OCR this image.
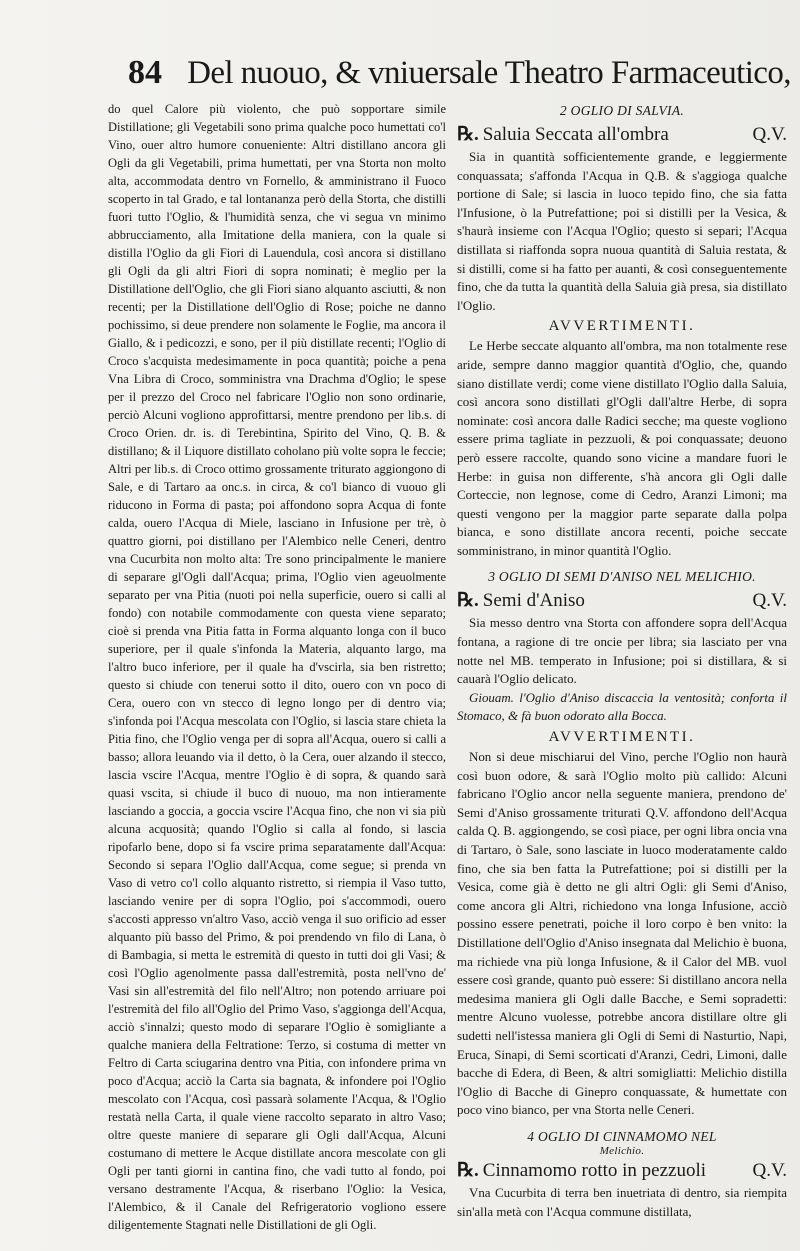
84 Del nuouo, & vniuersale Theatro Farmaceutico,

do quel Calore più violento, che può sopportare simile Distillatione; gli Vegetabili sono prima qualche poco humettati co'l Vino, ouer altro humore conueniente: Altri distillano ancora gli Ogli da gli Vegetabili, prima humettati, per vna Storta non molto alta, accommodata dentro vn Fornello, & amministrano il Fuoco scoperto in tal Grado, e tal lontananza però della Storta, che distilli fuori tutto l'Oglio, & l'humidità senza, che vi segua vn minimo abbrucciamento, alla Imitatione della maniera, con la quale si distilla l'Oglio da gli Fiori di Lauendula, così ancora si distillano gli Ogli da gli altri Fiori di sopra nominati; è meglio per la Distillatione dell'Oglio, che gli Fiori siano alquanto asciutti, & non recenti; per la Distillatione dell'Oglio di Rose; poiche ne danno pochissimo, si deue prendere non solamente le Foglie, ma ancora il Giallo, & i pedicozzi, e sono, per il più distillate recenti; l'Oglio di Croco s'acquista medesimamente in poca quantità; poiche a pena Vna Libra di Croco, somministra vna Drachma d'Oglio; le spese per il prezzo del Croco nel fabricare l'Oglio non sono ordinarie, perciò Alcuni vogliono approfittarsi, mentre prendono per lib.s. di Croco Orien. dr. is. di Terebintina, Spirito del Vino, Q. B. & distillano; & il Liquore distillato coholano più volte sopra le feccie; Altri per lib.s. di Croco ottimo grossamente triturato aggiongono di Sale, e di Tartaro aa onc.s. in circa, & co'l bianco di vuouo gli riducono in Forma di pasta; poi affondono sopra Acqua di fonte calda, ouero l'Acqua di Miele, lasciano in Infusione per trè, ò quattro giorni, poi distillano per l'Alembico nelle Ceneri, dentro vna Cucurbita non molto alta: Tre sono principalmente le maniere di separare gl'Ogli dall'Acqua; prima, l'Oglio vien ageuolmente separato per vna Pitia (nuoti poi nella superficie, ouero si calli al fondo) con notabile commodamente con questa viene separato; cioè si prenda vna Pitia fatta in Forma alquanto longa con il buco superiore, per il quale s'infonda la Materia, alquanto largo, ma l'altro buco inferiore, per il quale ha d'vscirla, sia ben ristretto; questo si chiude con tenerui sotto il dito, ouero con vn poco di Cera, ouero con vn stecco di legno longo per di dentro via; s'infonda poi l'Acqua mescolata con l'Oglio, si lascia stare chieta la Pitia fino, che l'Oglio venga per di sopra all'Acqua, ouero si calli a basso; allora leuando via il detto, ò la Cera, ouer alzando il stecco, lascia vscire l'Acqua, mentre l'Oglio è di sopra, & quando sarà quasi vscita, si chiude il buco di nuouo, ma non intieramente lasciando a goccia, a goccia vscire l'Acqua fino, che non vi sia più alcuna acquosità; quando l'Oglio si calla al fondo, si lascia ripofarlo bene, dopo si fa vscire prima separatamente dall'Acqua: Secondo si separa l'Oglio dall'Acqua, come segue; si prenda vn Vaso di vetro co'l collo alquanto ristretto, si riempia il Vaso tutto, lasciando venire per di sopra l'Oglio, poi s'accommodi, ouero s'accosti appresso vn'altro Vaso, acciò venga il suo orificio ad esser alquanto più basso del Primo, & poi prendendo vn filo di Lana, ò di Bambagia, si metta le estremità di questo in tutti doi gli Vasi; & così l'Oglio agenolmente passa dall'estremità, posta nell'vno de' Vasi sin all'estremità del filo nell'Altro; non potendo arriuare poi l'estremità del filo all'Oglio del Primo Vaso, s'aggionga dell'Acqua, acciò s'innalzi; questo modo di separare l'Oglio è somigliante a qualche maniera della Feltratione: Terzo, si costuma di metter vn Feltro di Carta sciugarina dentro vna Pitia, con infondere prima vn poco d'Acqua; acciò la Carta sia bagnata, & infondere poi l'Oglio mescolato con l'Acqua, così passarà solamente l'Acqua, & l'Oglio restatà nella Carta, il quale viene raccolto separato in altro Vaso; oltre queste maniere di separare gli Ogli dall'Acqua, Alcuni costumano di mettere le Acque distillate ancora mescolate con gli Ogli per tanti giorni in cantina fino, che vadi tutto al fondo, poi versano destramente l'Acqua, & riserbano l'Oglio: la Vesica, l'Alembico, & il Canale del Refrigeratorio vogliono essere diligentemente Stagnati nelle Distillationi de gli Ogli.

2 OGLIO DI SALVIA.

℞. Saluia Seccata all'ombra	Q.V.

Sia in quantità sofficientemente grande, e leggiermente conquassata; s'affonda l'Acqua in Q.B. & s'aggioga qualche portione di Sale; si lascia in luoco tepido fino, che sia fatta l'Infusione, ò la Putrefattione; poi si distilli per la Vesica, & s'haurà insieme con l'Acqua l'Oglio; questo si separi; l'Acqua distillata si riaffonda sopra nuoua quantità di Saluia restata, & si distilli, come si ha fatto per auanti, & così conseguentemente fino, che da tutta la quantità della Saluia già presa, sia distillato l'Oglio.

AVVERTIMENTI.

Le Herbe seccate alquanto all'ombra, ma non totalmente rese aride, sempre danno maggior quantità d'Oglio, che, quando siano distillate verdi; come viene distillato l'Oglio dalla Saluia, così ancora sono distillati gl'Ogli dall'altre Herbe, di sopra nominate: così ancora dalle Radici secche; ma queste vogliono essere prima tagliate in pezzuoli, & poi conquassate; deuono però essere raccolte, quando sono vicine a mandare fuori le Herbe: in guisa non differente, s'hà ancora gli Ogli dalle Corteccie, non legnose, come di Cedro, Aranzi Limoni; ma questi vengono per la maggior parte separate dalla polpa bianca, e sono distillate ancora recenti, poiche seccate somministrano, in minor quantità l'Oglio.

3 OGLIO DI SEMI D'ANISO NEL MELICHIO.

℞. Semi d'Aniso	Q.V.

Sia messo dentro vna Storta con affondere sopra dell'Acqua fontana, a ragione di tre oncie per libra; sia lasciato per vna notte nel MB. temperato in Infusione; poi si distillara, & si cauarà l'Oglio delicato.

Giouam. l'Oglio d'Aniso discaccia la ventosità; conforta il Stomaco, & fà buon odorato alla Bocca.

AVVERTIMENTI.

Non si deue mischiarui del Vino, perche l'Oglio non haurà così buon odore, & sarà l'Oglio molto più callido: Alcuni fabricano l'Oglio ancor nella seguente maniera, prendono de' Semi d'Aniso grossamente triturati Q.V. affondono dell'Acqua calda Q. B. aggiongendo, se così piace, per ogni libra oncia vna di Tartaro, ò Sale, sono lasciate in luoco moderatamente caldo fino, che sia ben fatta la Putrefattione; poi si distilli per la Vesica, come già è detto ne gli altri Ogli: gli Semi d'Aniso, come ancora gli Altri, richiedono vna longa Infusione, acciò possino essere penetrati, poiche il loro corpo è ben vnito: la Distillatione dell'Oglio d'Aniso insegnata dal Melichio è buona, ma richiede vna più longa Infusione, & il Calor del MB. vuol essere così grande, quanto può essere: Si distillano ancora nella medesima maniera gli Ogli dalle Bacche, e Semi sopradetti: mentre Alcuno vuolesse, potrebbe ancora distillare oltre gli sudetti nell'istessa maniera gli Ogli di Semi di Nasturtio, Napi, Eruca, Sinapi, di Semi scorticati d'Aranzi, Cedri, Limoni, dalle bacche di Edera, di Been, & altri somigliatti: Melichio distilla l'Oglio di Bacche di Ginepro conquassate, & humettate con poco vino bianco, per vna Storta nelle Ceneri.

4 OGLIO DI CINNAMOMO NEL
Melichio.

℞. Cinnamomo rotto in pezzuoli Q.V.

Vna Cucurbita di terra ben inuetriata di dentro, sia riempita sin'alla metà con l'Acqua commune distillata,
